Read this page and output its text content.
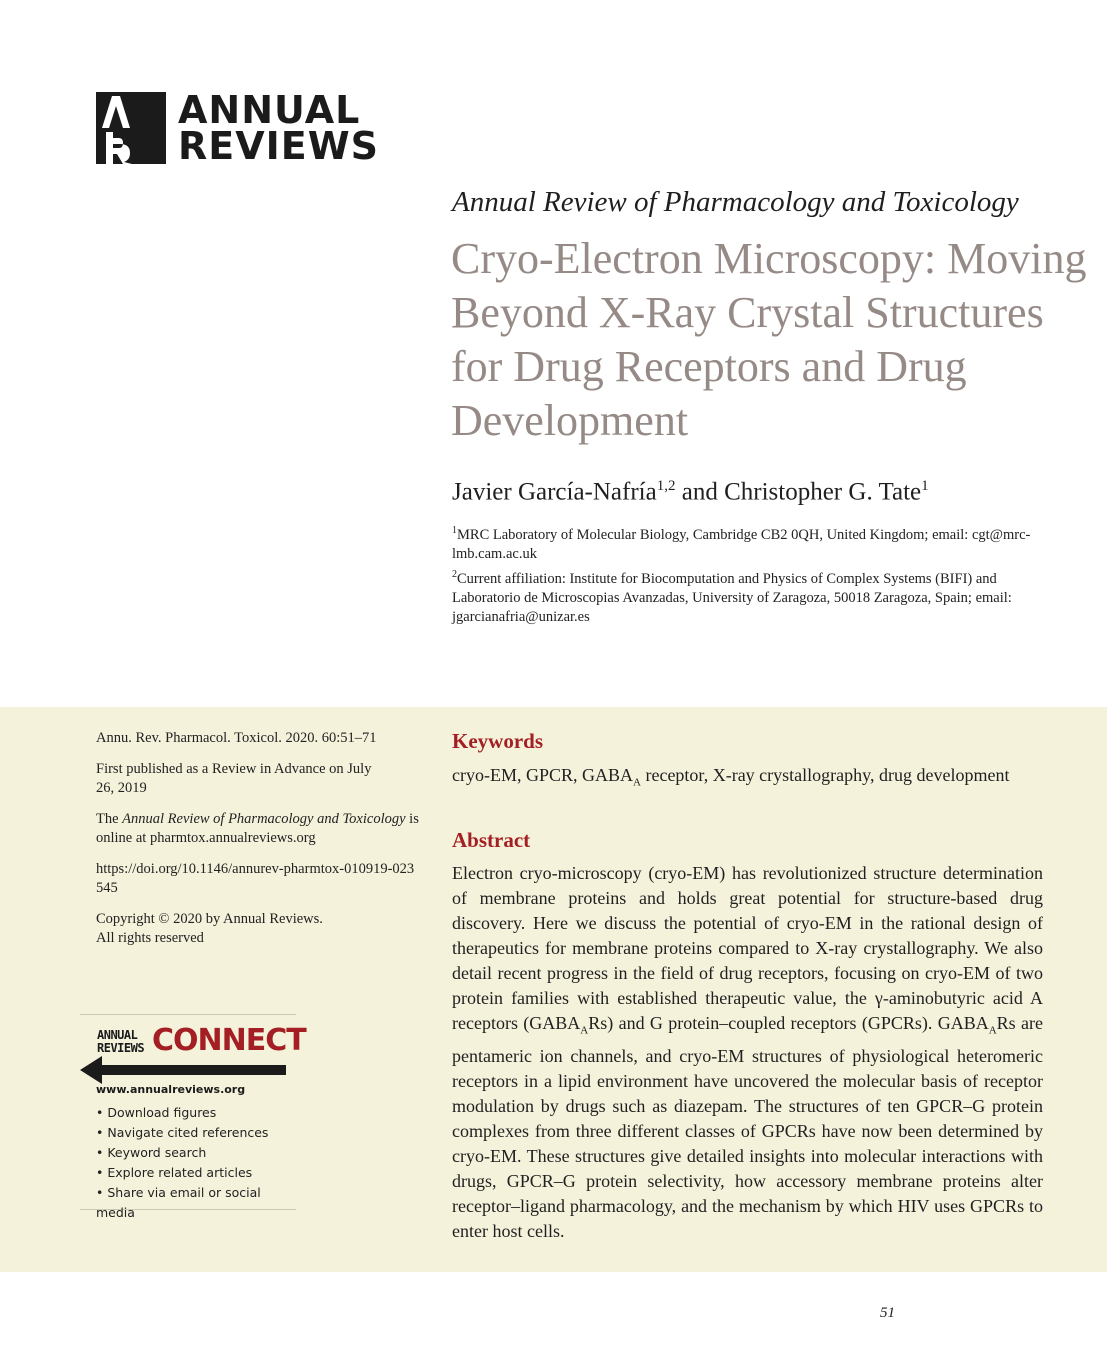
ANNUAL
REVIEWS
Annual Review of Pharmacology and Toxicology
Cryo-Electron Microscopy: Moving Beyond X-Ray Crystal Structures for Drug Receptors and Drug Development
Javier García-Nafría$^{1,2}$ and Christopher G. Tate$^1$
$^1$MRC Laboratory of Molecular Biology, Cambridge CB2 0QH, United Kingdom; email: cgt@mrc-lmb.cam.ac.uk
$^2$Current affiliation: Institute for Biocomputation and Physics of Complex Systems (BIFI) and Laboratorio de Microscopias Avanzadas, University of Zaragoza, 50018 Zaragoza, Spain; email: jgarcianafria@unizar.es
Annu. Rev. Pharmacol. Toxicol. 2020. 60:51–71
First published as a Review in Advance on July 26, 2019
The Annual Review of Pharmacology and Toxicology is online at pharmtox.annualreviews.org
https://doi.org/10.1146/annurev-pharmtox-010919-023545
Copyright © 2020 by Annual Reviews.
All rights reserved
ANNUAL
REVIEWS CONNECT
www.annualreviews.org
• Download figures
• Navigate cited references
• Keyword search
• Explore related articles
• Share via email or social media
Keywords
cryo-EM, GPCR, $GABA_A$ receptor, X-ray crystallography, drug development
Abstract

Electron cryo-microscopy (cryo-EM) has revolutionized structure determination of membrane proteins and holds great potential for structure-based drug discovery. Here we discuss the potential of cryo-EM in the rational design of therapeutics for membrane proteins compared to X-ray crystallography. We also detail recent progress in the field of drug receptors, focusing on cryo-EM of two protein families with established therapeutic value, the γ-aminobutyric acid A receptors $(GABA_ARs)$ and G protein–coupled receptors (GPCRs). $GABA_ARs$ are pentameric ion channels, and cryo-EM structures of physiological heteromeric receptors in a lipid environment have uncovered the molecular basis of receptor modulation by drugs such as diazepam. The structures of ten GPCR–G protein complexes from three different classes of GPCRs have now been determined by cryo-EM. These structures give detailed insights into molecular interactions with drugs, GPCR–G protein selectivity, how accessory membrane proteins alter receptor–ligand pharmacology, and the mechanism by which HIV uses GPCRs to enter host cells.

51
